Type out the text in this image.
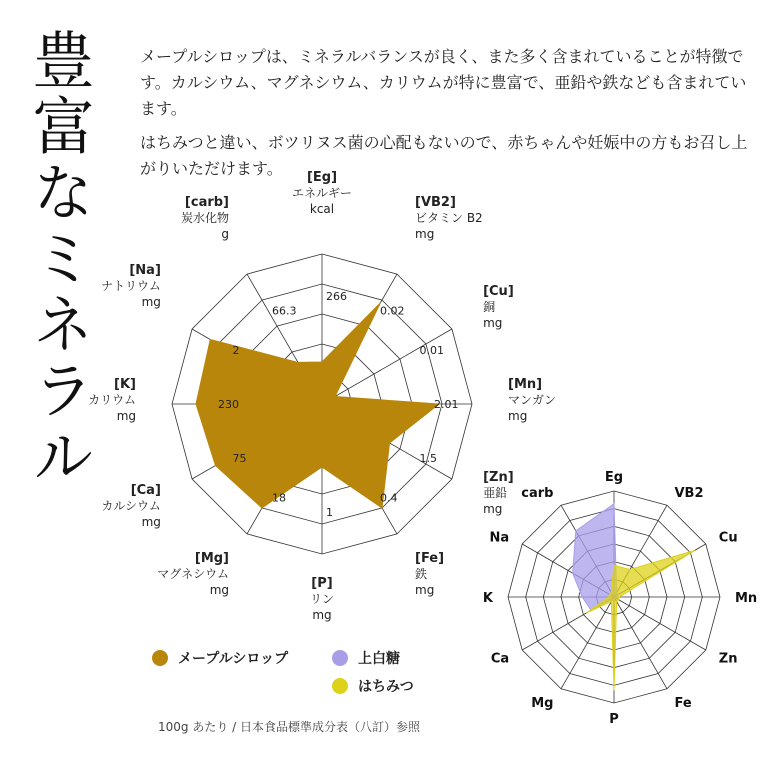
豊富なミネラル	メープルシロップは、ミネラルバランスが良く、また多く含まれていることが特徴です。カルシウム、マグネシウム、カリウムが特に豊富で、亜鉛や鉄なども含まれています。

はちみつと違い、ボツリヌス菌の心配もないので、赤ちゃんや妊娠中の方もお召し上がりいただけます。

266
0.02
0.01
2.01
1.5
0.4
1
18
75
230
2
66.3
[Eg]
エネルギー
kcal	[VB2]
ビタミン B2
mg
[Cu]
銅
mg
[Mn]
マンガン
mg
[Zn]
亜鉛
mg
[Fe]
鉄
mg
[P]
リン
mg
[Mg]
マグネシウム
mg
[Ca]
カルシウム
mg
[K]
カリウム
mg
[Na]
ナトリウム
mg
[carb]
炭水化物
g
Eg
VB2
Cu
Mn
Zn
Fe
P
Mg
Ca
K
Na
carb
メープルシロップ	上白糖
はちみつ
100g あたり / 日本食品標準成分表（八訂）参照
